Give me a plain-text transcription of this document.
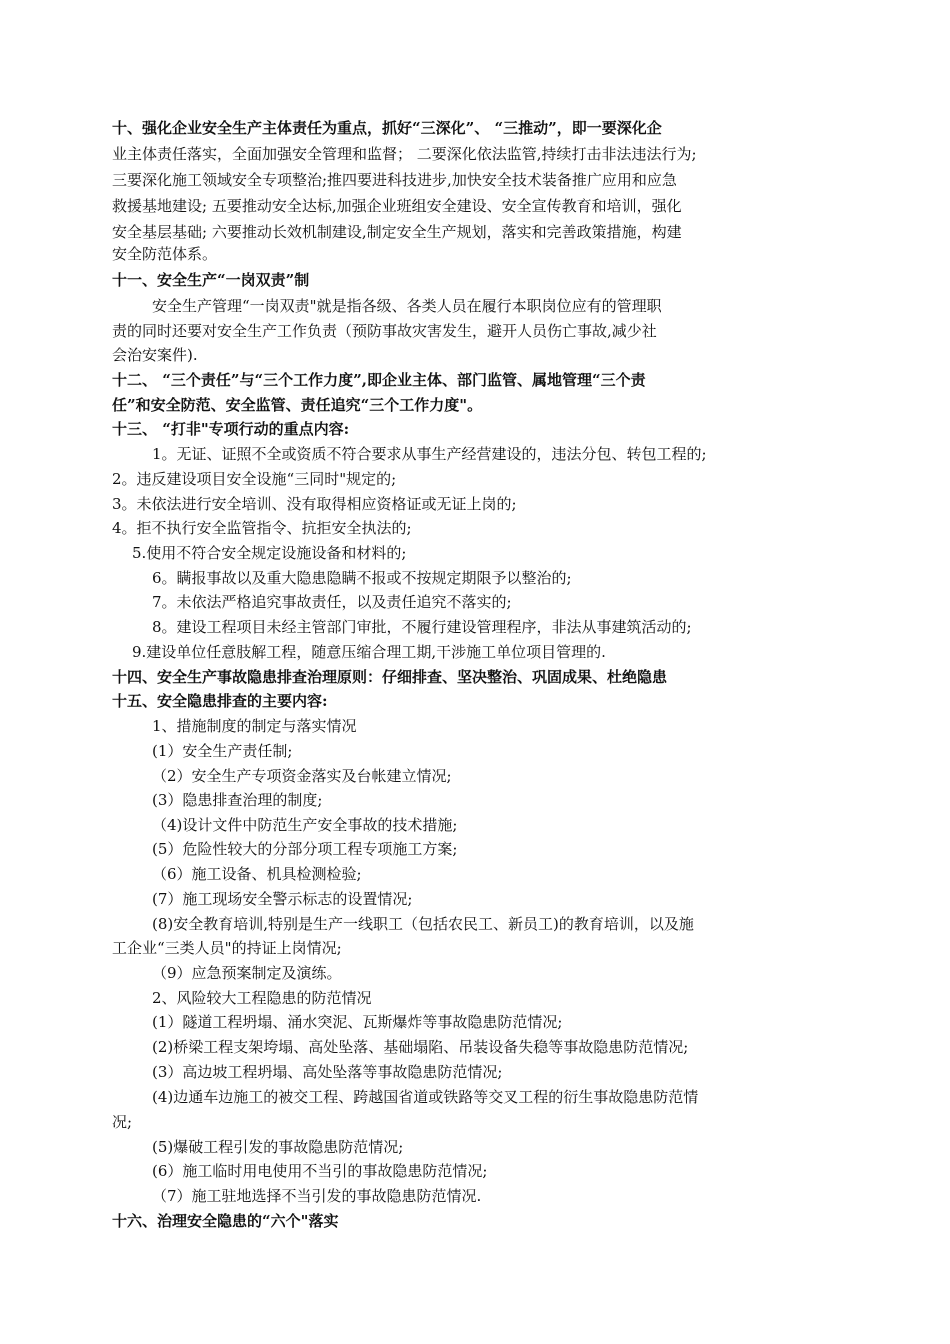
十、强化企业安全生产主体责任为重点，抓好“三深化”、 “三推动”，即一要深化企
业主体责任落实，全面加强安全管理和监督； 二要深化依法监管,持续打击非法违法行为;
三要深化施工领域安全专项整治;推四要进科技进步,加快安全技术装备推广应用和应急
救援基地建设; 五要推动安全达标,加强企业班组安全建设、安全宣传教育和培训，强化
安全基层基础; 六要推动长效机制建设,制定安全生产规划，落实和完善政策措施，构建
安全防范体系。
十一、安全生产“一岗双责”制
安全生产管理“一岗双责"就是指各级、各类人员在履行本职岗位应有的管理职
责的同时还要对安全生产工作负责（预防事故灾害发生，避开人员伤亡事故,减少社
会治安案件).
十二、 “三个责任”与“三个工作力度”,即企业主体、部门监管、属地管理“三个责
任”和安全防范、安全监管、责任追究“三个工作力度"。
十三、 “打非"专项行动的重点内容:
1。无证、证照不全或资质不符合要求从事生产经营建设的，违法分包、转包工程的;
2。违反建设项目安全设施“三同时"规定的;
3。未依法进行安全培训、没有取得相应资格证或无证上岗的;
4。拒不执行安全监管指令、抗拒安全执法的;
5.使用不符合安全规定设施设备和材料的;
6。瞒报事故以及重大隐患隐瞒不报或不按规定期限予以整治的;
7。未依法严格追究事故责任，以及责任追究不落实的;
8。建设工程项目未经主管部门审批，不履行建设管理程序，非法从事建筑活动的;
9.建设单位任意肢解工程，随意压缩合理工期,干涉施工单位项目管理的.
十四、安全生产事故隐患排查治理原则：仔细排查、坚决整治、巩固成果、杜绝隐患
十五、安全隐患排查的主要内容:
1、措施制度的制定与落实情况
(1）安全生产责任制;
（2）安全生产专项资金落实及台帐建立情况;
(3）隐患排查治理的制度;
（4)设计文件中防范生产安全事故的技术措施;
(5）危险性较大的分部分项工程专项施工方案;
（6）施工设备、机具检测检验;
(7）施工现场安全警示标志的设置情况;
(8)安全教育培训,特别是生产一线职工（包括农民工、新员工)的教育培训，以及施
工企业“三类人员"的持证上岗情况;
（9）应急预案制定及演练。
2、风险较大工程隐患的防范情况
(1）隧道工程坍塌、涌水突泥、瓦斯爆炸等事故隐患防范情况;
(2)桥梁工程支架垮塌、高处坠落、基础塌陷、吊装设备失稳等事故隐患防范情况;
(3）高边坡工程坍塌、高处坠落等事故隐患防范情况;
(4)边通车边施工的被交工程、跨越国省道或铁路等交叉工程的衍生事故隐患防范情
况;
(5)爆破工程引发的事故隐患防范情况;
(6）施工临时用电使用不当引的事故隐患防范情况;
（7）施工驻地选择不当引发的事故隐患防范情况.
十六、治理安全隐患的“六个"落实
